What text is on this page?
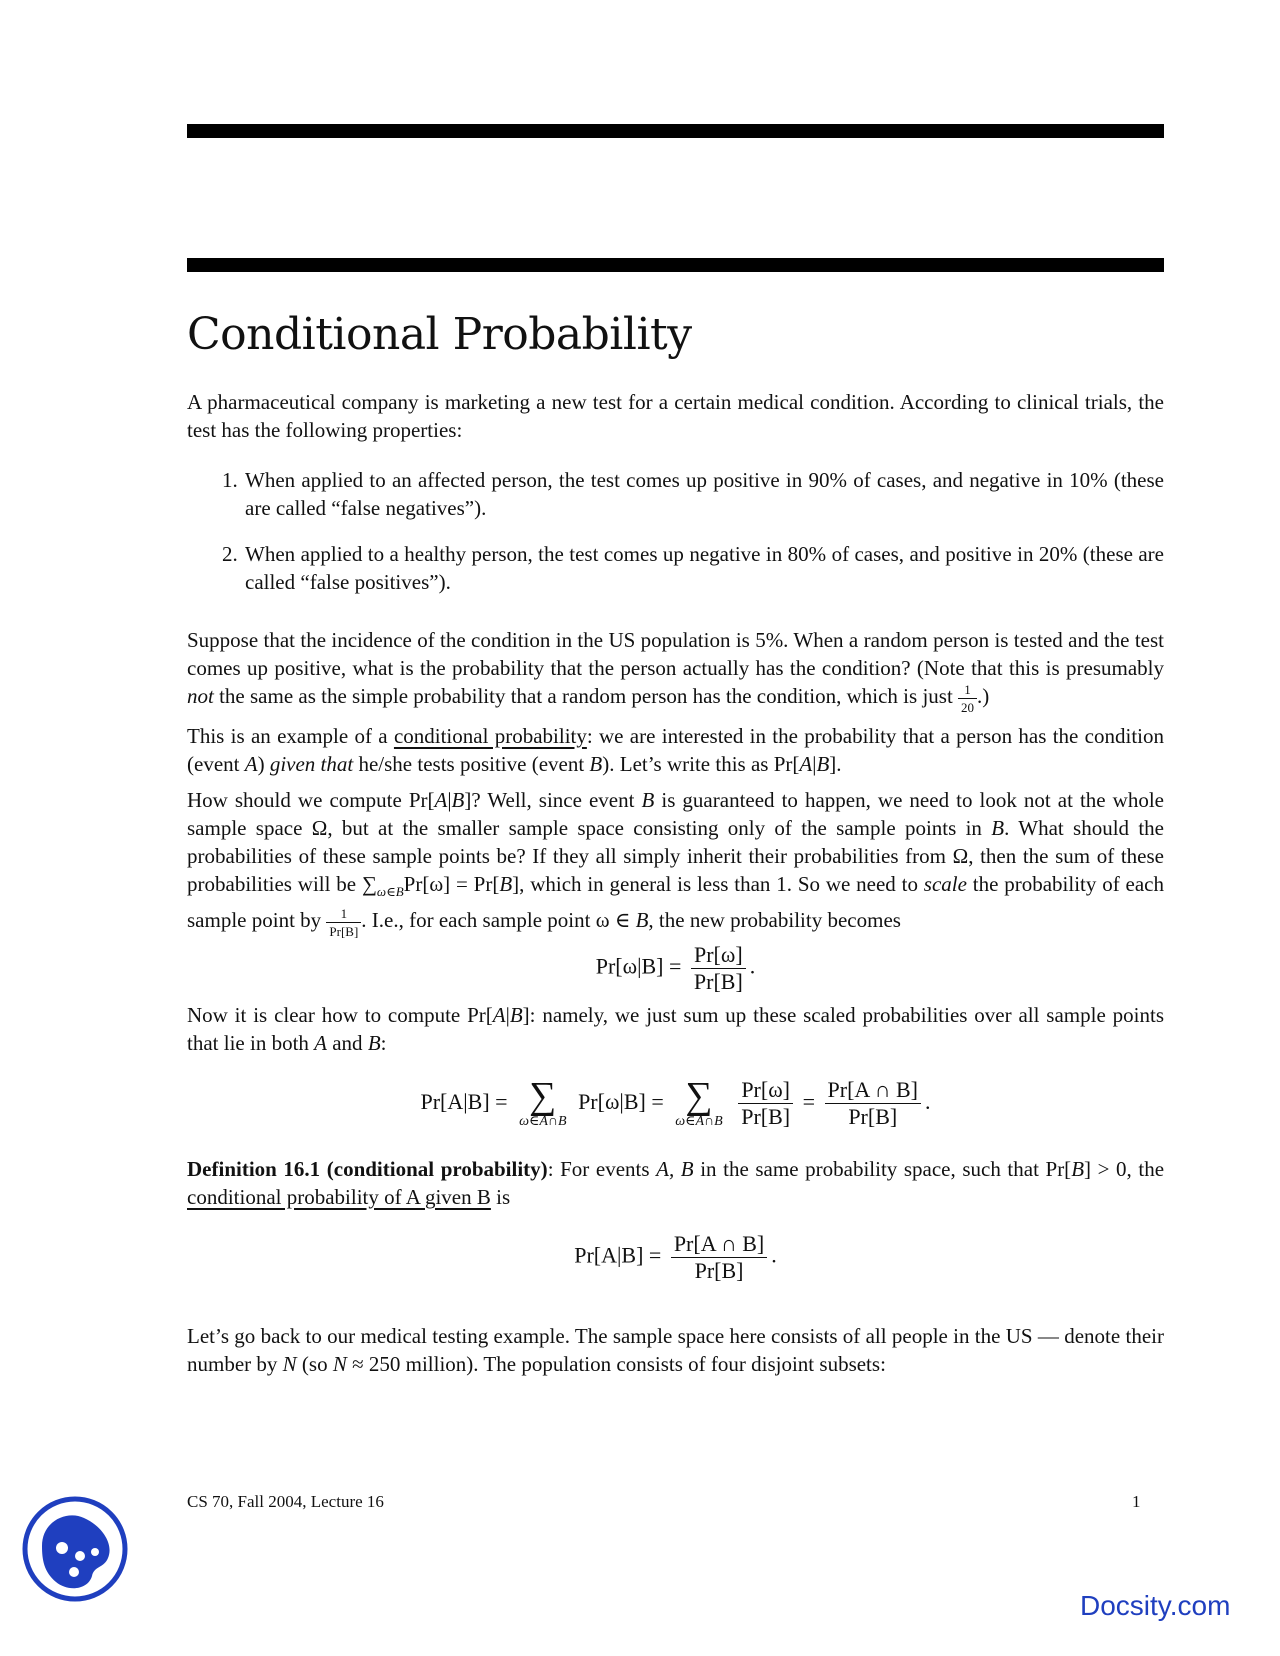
Conditional Probability

A pharmaceutical company is marketing a new test for a certain medical condition. According to clinical trials, the test has the following properties:

1. When applied to an affected person, the test comes up positive in 90% of cases, and negative in 10% (these are called “false negatives”).
2. When applied to a healthy person, the test comes up negative in 80% of cases, and positive in 20% (these are called “false positives”).

Suppose that the incidence of the condition in the US population is 5%. When a random person is tested and the test comes up positive, what is the probability that the person actually has the condition? (Note that this is presumably not the same as the simple probability that a random person has the condition, which is just $\frac{1}{20}$ .)

This is an example of a conditional probability: we are interested in the probability that a person has the condition (event A) given that he/she tests positive (event B). Let’s write this as Pr[A|B].

How should we compute Pr[A|B]? Well, since event B is guaranteed to happen, we need to look not at the whole sample space Ω, but at the smaller sample space consisting only of the sample points in B. What should the probabilities of these sample points be? If they all simply inherit their probabilities from Ω, then the sum of these probabilities will be $\sum_{\omega\in B}Pr[\omega] = Pr[B]$, which in general is less than 1. So we need to scale the probability of each sample point by $\frac{1}{Pr[B]}$ . I.e., for each sample point ω ∈ B, the new probability becomes

$Pr[\omega|B] = \frac{Pr[\omega]}{Pr[B]}$ .

Now it is clear how to compute Pr[A|B]: namely, we just sum up these scaled probabilities over all sample points that lie in both A and B:

Pr[A|B] = ∑
ω∈A∩B
Pr[ω|B] = ∑
ω∈A∩B
$\frac{Pr[\omega]}{Pr[B]} = \frac{Pr[A \cap B]}{Pr[B]}$ .

Definition 16.1 (conditional probability): For events A, B in the same probability space, such that Pr[B] > 0, the conditional probability of A given B is

$Pr[A|B] = \frac{Pr[A \cap B]}{Pr[B]}$ .

Let’s go back to our medical testing example. The sample space here consists of all people in the US — denote their number by N (so N ≈ 250 million). The population consists of four disjoint subsets:

CS 70, Fall 2004, Lecture 16	1
Docsity.com
